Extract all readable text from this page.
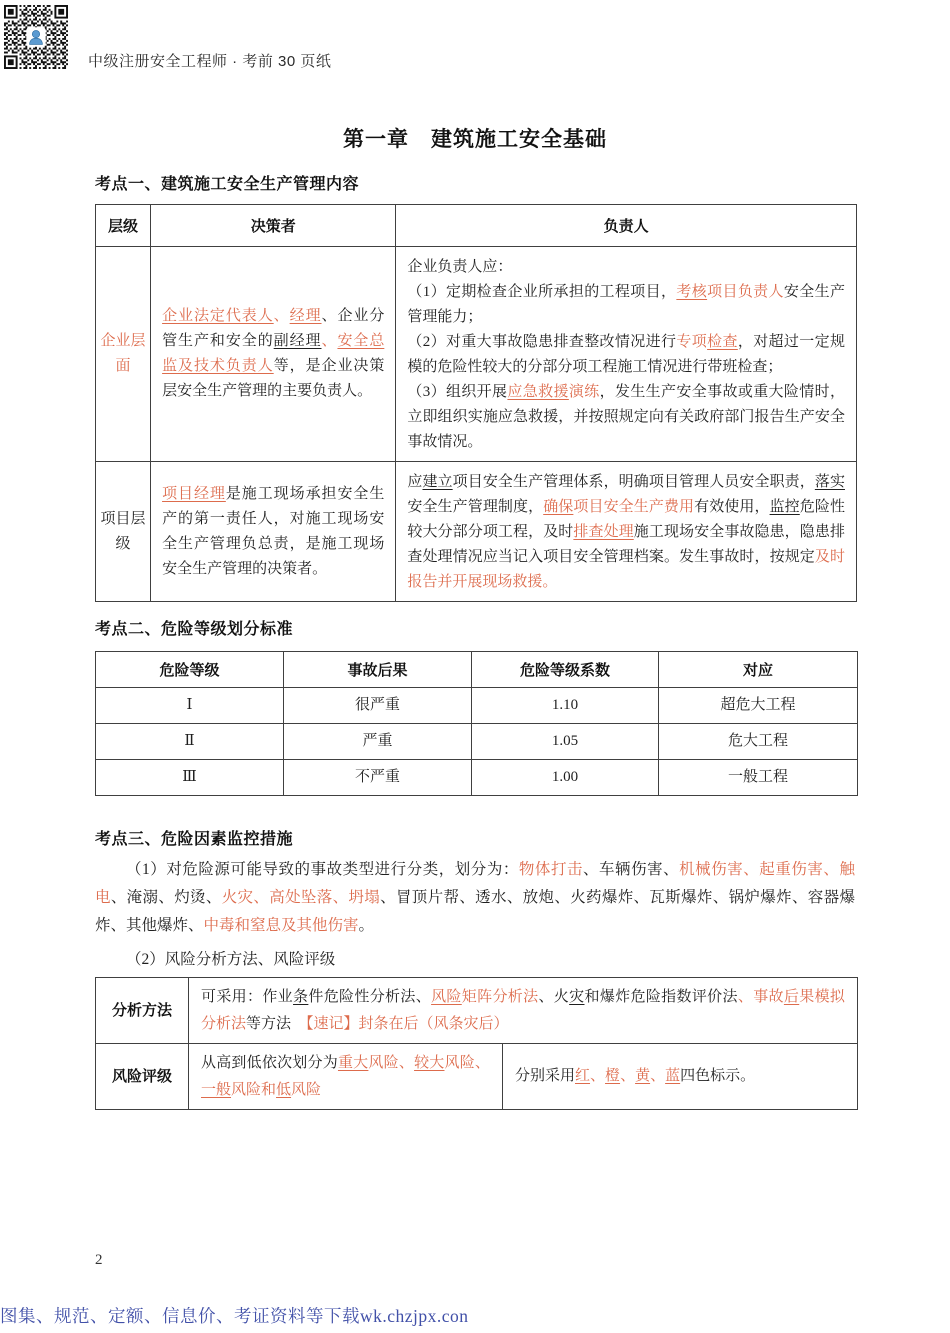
中级注册安全工程师 · 考前 30 页纸
第一章　建筑施工安全基础
考点一、建筑施工安全生产管理内容
层级	决策者	负责人
企业层面	企业法定代表人、经理、企业分管生产和安全的副经理、安全总监及技术负责人等，是企业决策层安全生产管理的主要负责人。	企业负责人应：
（1）定期检查企业所承担的工程项目，考核项目负责人安全生产管理能力；
（2）对重大事故隐患排查整改情况进行专项检查，对超过一定规模的危险性较大的分部分项工程施工情况进行带班检查；
（3）组织开展应急救援演练，发生生产安全事故或重大险情时，立即组织实施应急救援，并按照规定向有关政府部门报告生产安全事故情况。

项目层级	项目经理是施工现场承担安全生产的第一责任人，对施工现场安全生产管理负总责，是施工现场安全生产管理的决策者。	应建立项目安全生产管理体系，明确项目管理人员安全职责，落实安全生产管理制度，确保项目安全生产费用有效使用，监控危险性较大分部分项工程，及时排查处理施工现场安全事故隐患，隐患排查处理情况应当记入项目安全管理档案。发生事故时，按规定及时报告并开展现场救援。
考点二、危险等级划分标准
危险等级	事故后果	危险等级系数	对应
Ⅰ	很严重	1.10	超危大工程
Ⅱ	严重	1.05	危大工程
Ⅲ	不严重	1.00	一般工程
考点三、危险因素监控措施

（1）对危险源可能导致的事故类型进行分类，划分为：物体打击、车辆伤害、机械伤害、起重伤害、触电、淹溺、灼烫、火灾、高处坠落、坍塌、冒顶片帮、透水、放炮、火药爆炸、瓦斯爆炸、锅炉爆炸、容器爆炸、其他爆炸、中毒和窒息及其他伤害。

（2）风险分析方法、风险评级

分析方法	可采用：作业条件危险性分析法、风险矩阵分析法、火灾和爆炸危险指数评价法、事故后果模拟分析法等方法　【速记】封条在后（风条灾后）	
风险评级	从高到低依次划分为重大风险、较大风险、一般风险和低风险	分别采用红、橙、黄、蓝四色标示。
2
图集、规范、定额、信息价、考证资料等下载wk.chzjpx.con
